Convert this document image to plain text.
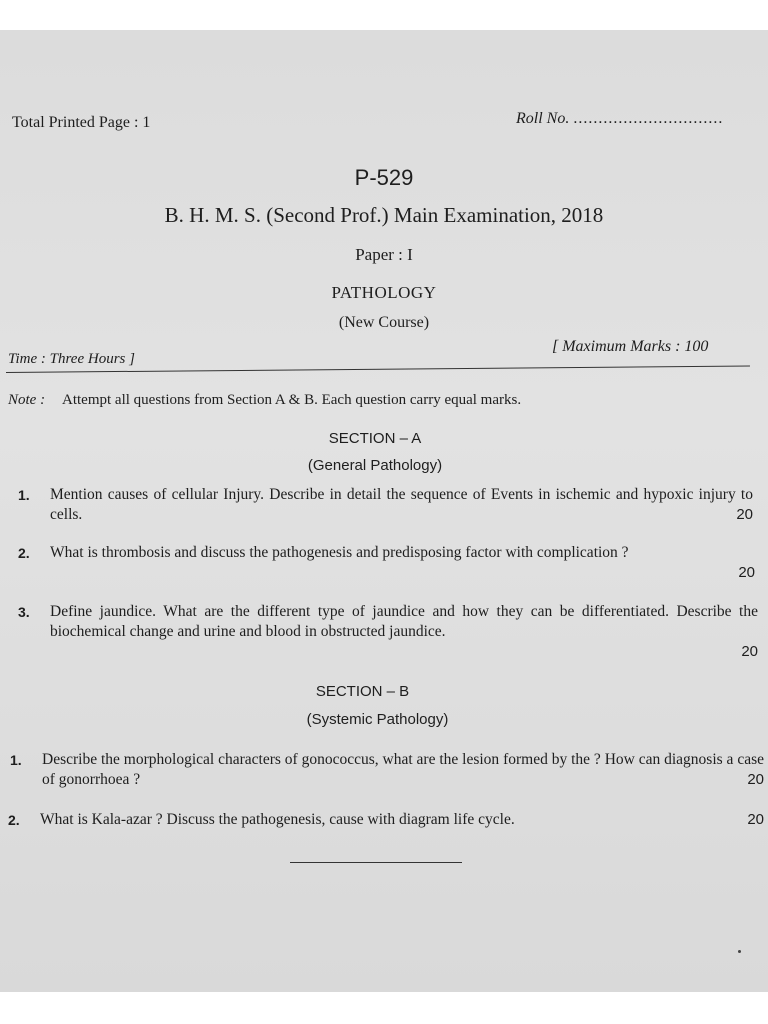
Total Printed Page : 1	Roll No. ..............................
P-529
B. H. M. S. (Second Prof.) Main Examination, 2018
Paper : I
PATHOLOGY
(New Course)
Time : Three Hours ]
[ Maximum Marks : 100
Note : Attempt all questions from Section A & B. Each question carry equal marks.
SECTION – A
(General Pathology)
1. Mention causes of cellular Injury. Describe in detail the sequence of Events in ischemic and hypoxic injury to cells.	20
2. What is thrombosis and discuss the pathogenesis and predisposing factor with complication ?
20
3. Define jaundice. What are the different type of jaundice and how they can be differentiated. Describe the biochemical change and urine and blood in obstructed jaundice.
20
SECTION – B
(Systemic Pathology)
1. Describe the morphological characters of gonococcus, what are the lesion formed by the ? How can diagnosis a case of gonorrhoea ?	20
2. What is Kala-azar ? Discuss the pathogenesis, cause with diagram life cycle.	20
